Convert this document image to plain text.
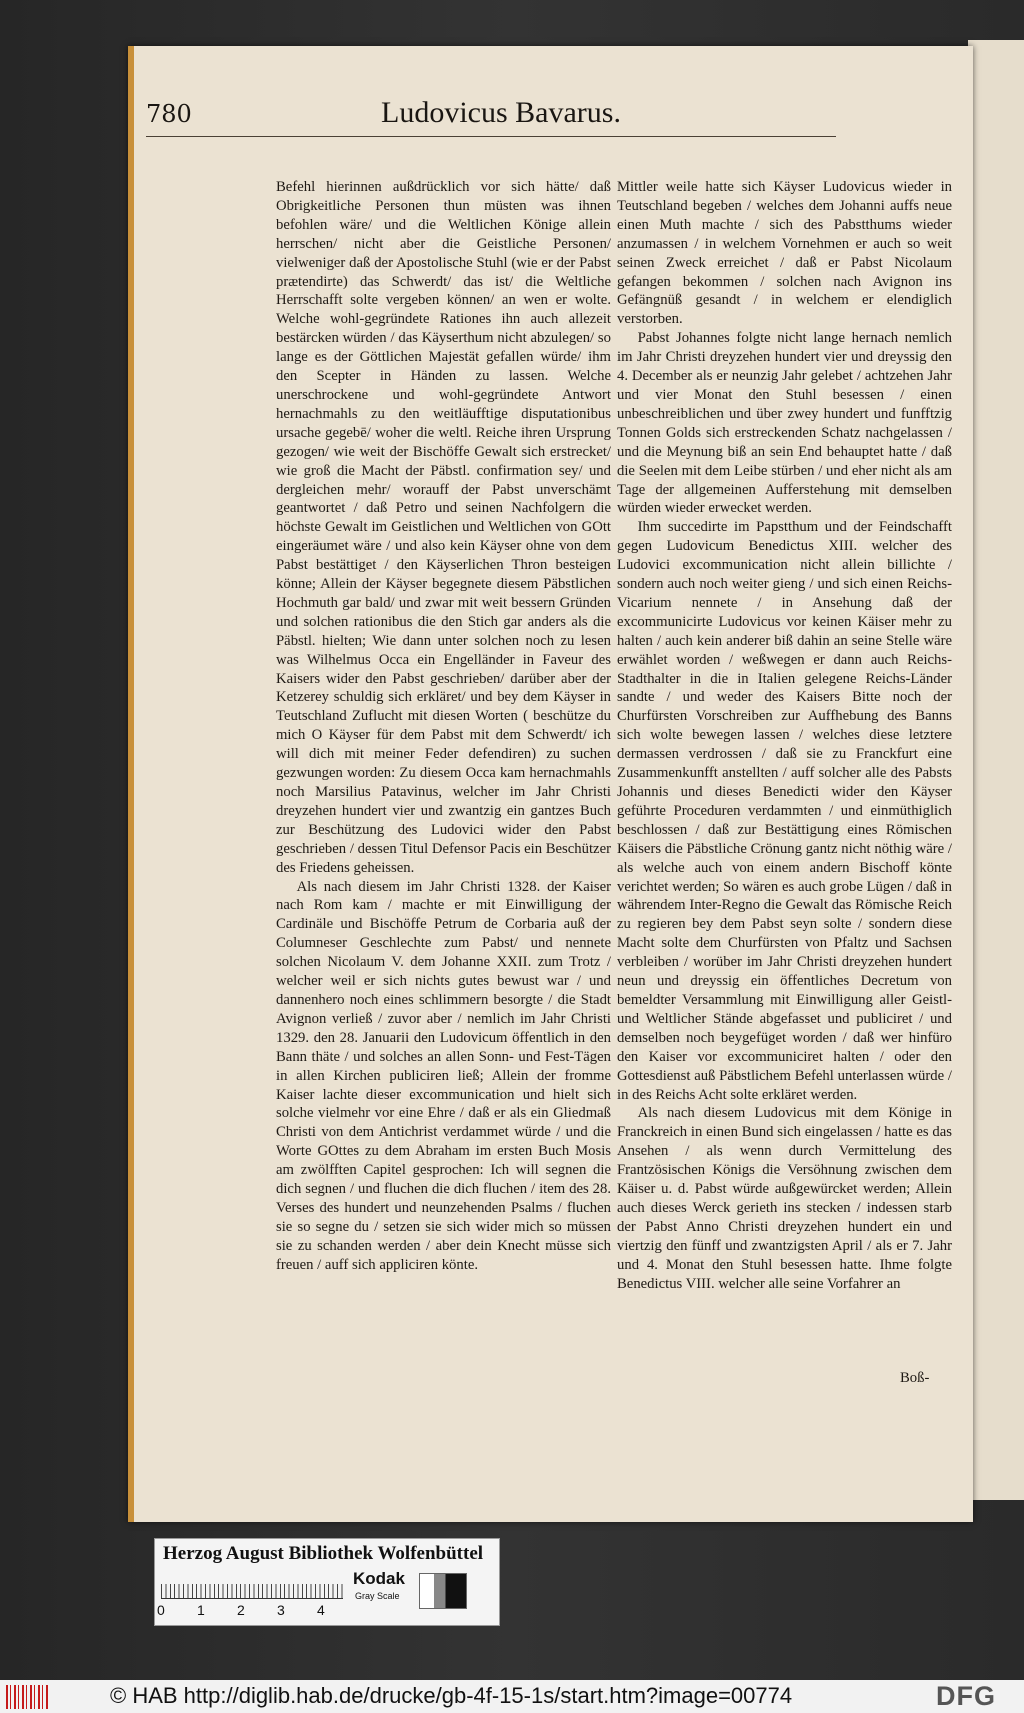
780	Ludovicus Bavarus.

Befehl hierinnen außdrücklich vor sich hätte/ daß Obrigkeitliche Personen thun müsten was ihnen befohlen wäre/ und die Weltlichen Könige allein herrschen/ nicht aber die Geistliche Personen/ vielweniger daß der Apostolische Stuhl (wie er der Pabst prætendirte) das Schwerdt/ das ist/ die Weltliche Herrschafft solte vergeben können/ an wen er wolte. Welche wohl-gegründete Rationes ihn auch allezeit bestärcken würden / das Käyserthum nicht abzulegen/ so lange es der Göttlichen Majestät gefallen würde/ ihm den Scepter in Händen zu lassen. Welche unerschrockene und wohl-gegründete Antwort hernachmahls zu den weitläufftige disputationibus ursache gegebē/ woher die weltl. Reiche ihren Ursprung gezogen/ wie weit der Bischöffe Gewalt sich erstrecket/ wie groß die Macht der Päbstl. confirmation sey/ und dergleichen mehr/ worauff der Pabst unverschämt geantwortet / daß Petro und seinen Nachfolgern die höchste Gewalt im Geistlichen und Weltlichen von GOtt eingeräumet wäre / und also kein Käyser ohne von dem Pabst bestättiget / den Käyserlichen Thron besteigen könne; Allein der Käyser begegnete diesem Päbstlichen Hochmuth gar bald/ und zwar mit weit bessern Gründen und solchen rationibus die den Stich gar anders als die Päbstl. hielten; Wie dann unter solchen noch zu lesen was Wilhelmus Occa ein Engelländer in Faveur des Kaisers wider den Pabst geschrieben/ darüber aber der Ketzerey schuldig sich erkläret/ und bey dem Käyser in Teutschland Zuflucht mit diesen Worten ( beschütze du mich O Käyser für dem Pabst mit dem Schwerdt/ ich will dich mit meiner Feder defendiren) zu suchen gezwungen worden: Zu diesem Occa kam hernachmahls noch Marsilius Patavinus, welcher im Jahr Christi dreyzehen hundert vier und zwantzig ein gantzes Buch zur Beschützung des Ludovici wider den Pabst geschrieben / dessen Titul Defensor Pacis ein Beschützer des Friedens geheissen.

Als nach diesem im Jahr Christi 1328. der Kaiser nach Rom kam / machte er mit Einwilligung der Cardinäle und Bischöffe Petrum de Corbaria auß der Columneser Geschlechte zum Pabst/ und nennete solchen Nicolaum V. dem Johanne XXII. zum Trotz / welcher weil er sich nichts gutes bewust war / und dannenhero noch eines schlimmern besorgte / die Stadt Avignon verließ / zuvor aber / nemlich im Jahr Christi 1329. den 28. Januarii den Ludovicum öffentlich in den Bann thäte / und solches an allen Sonn- und Fest-Tägen in allen Kirchen publiciren ließ; Allein der fromme Kaiser lachte dieser excommunication und hielt sich solche vielmehr vor eine Ehre / daß er als ein Gliedmaß Christi von dem Antichrist verdammet würde / und die Worte GOttes zu dem Abraham im ersten Buch Mosis am zwölfften Capitel gesprochen: Ich will segnen die dich segnen / und fluchen die dich fluchen / item des 28. Verses des hundert und neunzehenden Psalms / fluchen sie so segne du / setzen sie sich wider mich so müssen sie zu schanden werden / aber dein Knecht müsse sich freuen / auff sich appliciren könte.

Mittler weile hatte sich Käyser Ludovicus wieder in Teutschland begeben / welches dem Johanni auffs neue einen Muth machte / sich des Pabstthums wieder anzumassen / in welchem Vornehmen er auch so weit seinen Zweck erreichet / daß er Pabst Nicolaum gefangen bekommen / solchen nach Avignon ins Gefängnüß gesandt / in welchem er elendiglich verstorben.

Pabst Johannes folgte nicht lange hernach nemlich im Jahr Christi dreyzehen hundert vier und dreyssig den 4. December als er neunzig Jahr gelebet / achtzehen Jahr und vier Monat den Stuhl besessen / einen unbeschreiblichen und über zwey hundert und funfftzig Tonnen Golds sich erstreckenden Schatz nachgelassen / und die Meynung biß an sein End behauptet hatte / daß die Seelen mit dem Leibe stürben / und eher nicht als am Tage der allgemeinen Aufferstehung mit demselben würden wieder erwecket werden.

Ihm succedirte im Papstthum und der Feindschafft gegen Ludovicum Benedictus XIII. welcher des Ludovici excommunication nicht allein billichte / sondern auch noch weiter gieng / und sich einen Reichs-Vicarium nennete / in Ansehung daß der excommunicirte Ludovicus vor keinen Käiser mehr zu halten / auch kein anderer biß dahin an seine Stelle wäre erwählet worden / weßwegen er dann auch Reichs-Stadthalter in die in Italien gelegene Reichs-Länder sandte / und weder des Kaisers Bitte noch der Churfürsten Vorschreiben zur Auffhebung des Banns sich wolte bewegen lassen / welches diese letztere dermassen verdrossen / daß sie zu Franckfurt eine Zusammenkunfft anstellten / auff solcher alle des Pabsts Johannis und dieses Benedicti wider den Käyser geführte Proceduren verdammten / und einmüthiglich beschlossen / daß zur Bestättigung eines Römischen Käisers die Päbstliche Crönung gantz nicht nöthig wäre / als welche auch von einem andern Bischoff könte verichtet werden; So wären es auch grobe Lügen / daß in währendem Inter-Regno die Gewalt das Römische Reich zu regieren bey dem Pabst seyn solte / sondern diese Macht solte dem Churfürsten von Pfaltz und Sachsen verbleiben / worüber im Jahr Christi dreyzehen hundert neun und dreyssig ein öffentliches Decretum von bemeldter Versammlung mit Einwilligung aller Geistl- und Weltlicher Stände abgefasset und publiciret / und demselben noch beygefüget worden / daß wer hinfüro den Kaiser vor excommuniciret halten / oder den Gottesdienst auß Päbstlichem Befehl unterlassen würde / in des Reichs Acht solte erkläret werden.

Als nach diesem Ludovicus mit dem Könige in Franckreich in einen Bund sich eingelassen / hatte es das Ansehen / als wenn durch Vermittelung des Frantzösischen Königs die Versöhnung zwischen dem Käiser u. d. Pabst würde außgewürcket werden; Allein auch dieses Werck gerieth ins stecken / indessen starb der Pabst Anno Christi dreyzehen hundert ein und viertzig den fünff und zwantzigsten April / als er 7. Jahr und 4. Monat den Stuhl besessen hatte. Ihme folgte Benedictus VIII. welcher alle seine Vorfahrer an

Boß-
Herzog August Bibliothek Wolfenbüttel
0	1	2	3	4
Kodak
Gray Scale
© HAB http://diglib.hab.de/drucke/gb-4f-15-1s/start.htm?image=00774	DFG
